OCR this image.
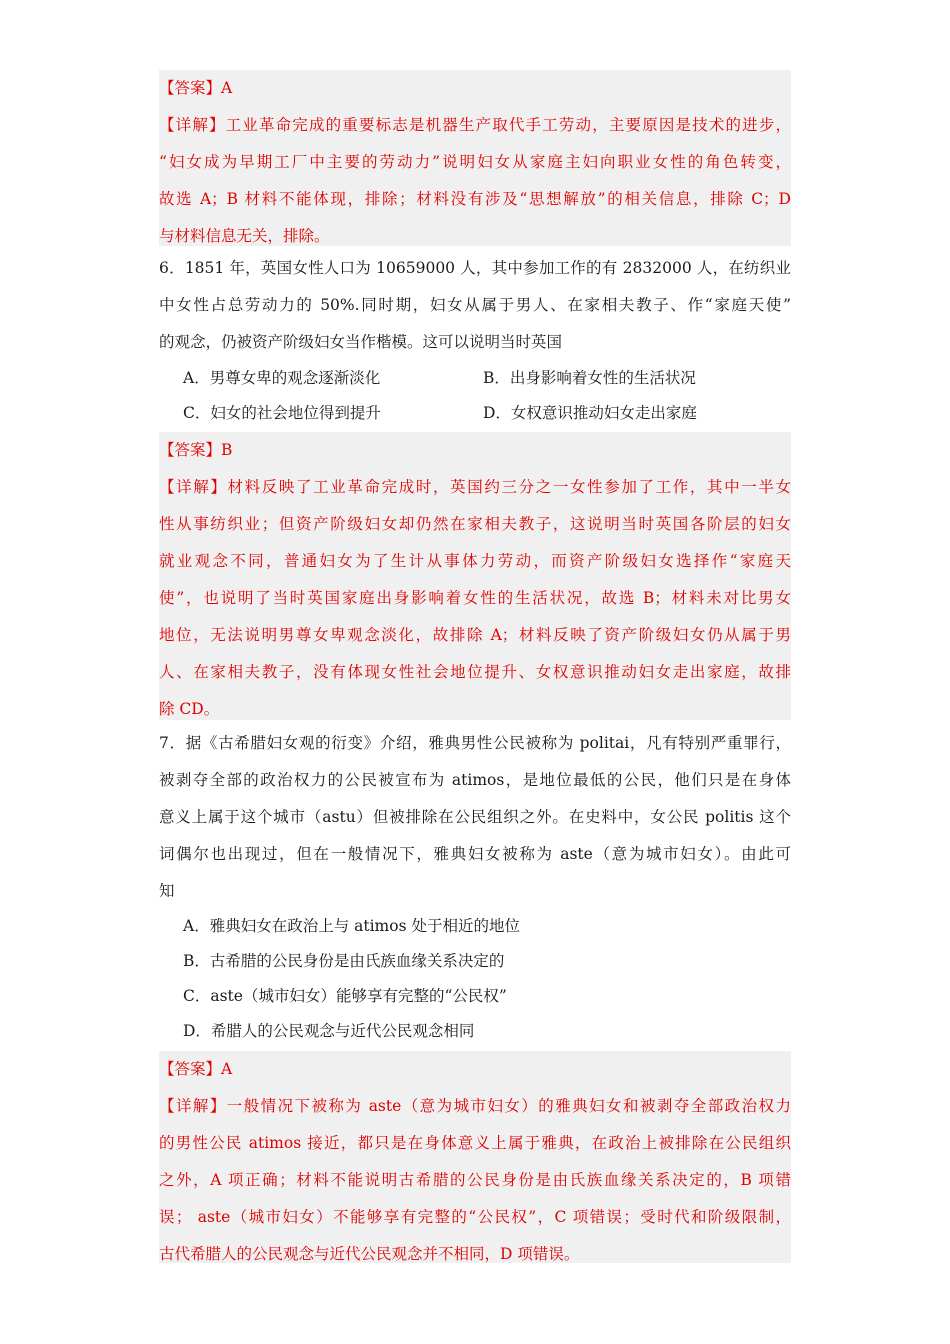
【答案】A
【详解】工业革命完成的重要标志是机器生产取代手工劳动，主要原因是技术的进步，
“妇女成为早期工厂中主要的劳动力”说明妇女从家庭主妇向职业女性的角色转变，
故选 A；B 材料不能体现，排除；材料没有涉及“思想解放”的相关信息，排除 C；D
与材料信息无关，排除。
6．1851 年，英国女性人口为 10659000 人，其中参加工作的有 2832000 人，在纺织业
中女性占总劳动力的 50%.同时期，妇女从属于男人、在家相夫教子、作“家庭天使”
的观念，仍被资产阶级妇女当作楷模。这可以说明当时英国
A．男尊女卑的观念逐渐淡化	B．出身影响着女性的生活状况
C．妇女的社会地位得到提升	D．女权意识推动妇女走出家庭
【答案】B
【详解】材料反映了工业革命完成时，英国约三分之一女性参加了工作，其中一半女
性从事纺织业；但资产阶级妇女却仍然在家相夫教子，这说明当时英国各阶层的妇女
就业观念不同，普通妇女为了生计从事体力劳动，而资产阶级妇女选择作“家庭天
使”，也说明了当时英国家庭出身影响着女性的生活状况，故选 B；材料未对比男女
地位，无法说明男尊女卑观念淡化，故排除 A；材料反映了资产阶级妇女仍从属于男
人、在家相夫教子，没有体现女性社会地位提升、女权意识推动妇女走出家庭，故排
除 CD。
7．据《古希腊妇女观的衍变》介绍，雅典男性公民被称为 politai，凡有特别严重罪行，
被剥夺全部的政治权力的公民被宣布为 atimos，是地位最低的公民，他们只是在身体
意义上属于这个城市（astu）但被排除在公民组织之外。在史料中，女公民 politis 这个
词偶尔也出现过，但在一般情况下，雅典妇女被称为 aste（意为城市妇女）。由此可
知
A．雅典妇女在政治上与 atimos 处于相近的地位
B．古希腊的公民身份是由氏族血缘关系决定的
C．aste（城市妇女）能够享有完整的“公民权”
D．希腊人的公民观念与近代公民观念相同
【答案】A
【详解】一般情况下被称为 aste（意为城市妇女）的雅典妇女和被剥夺全部政治权力
的男性公民 atimos 接近，都只是在身体意义上属于雅典，在政治上被排除在公民组织
之外，A 项正确；材料不能说明古希腊的公民身份是由氏族血缘关系决定的，B 项错
误； aste（城市妇女）不能够享有完整的“公民权”，C 项错误；受时代和阶级限制，
古代希腊人的公民观念与近代公民观念并不相同，D 项错误。
